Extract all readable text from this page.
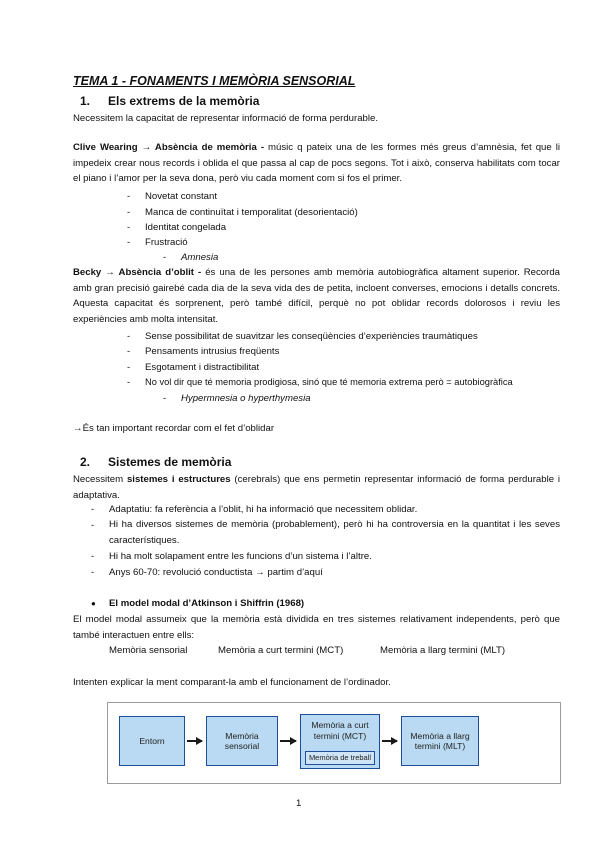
TEMA 1 - FONAMENTS I MEMÒRIA SENSORIAL
1. Els extrems de la memòria
Necessitem la capacitat de representar informació de forma perdurable.
Clive Wearing → Absència de memòria - músic q pateix una de les formes més greus d’amnèsia, fet que li impedeix crear nous records i oblida el que passa al cap de pocs segons. Tot i això, conserva habilitats com tocar el piano i l’amor per la seva dona, però viu cada moment com si fos el primer.
- Novetat constant
- Manca de continuïtat i temporalitat (desorientació)
- Identitat congelada
- Frustració
- Amnesia
Becky → Absència d’oblit - és una de les persones amb memòria autobiogràfica altament superior. Recorda amb gran precisió gairebé cada dia de la seva vida des de petita, incloent converses, emocions i detalls concrets. Aquesta capacitat és sorprenent, però també difícil, perquè no pot oblidar records dolorosos i reviu les experiències amb molta intensitat.
- Sense possibilitat de suavitzar les conseqüències d’experiències traumàtiques
- Pensaments intrusius freqüents
- Esgotament i distractibilitat
- No vol dir que té memoria prodigiosa, sinó que té memoria extrema però = autobiogràfica
- Hypermnesia o hyperthymesia
→És tan important recordar com el fet d’oblidar
2. Sistemes de memòria
Necessitem sistemes i estructures (cerebrals) que ens permetin representar informació de forma perdurable i adaptativa.
- Adaptatiu: fa referència a l’oblit, hi ha informació que necessitem oblidar.
- Hi ha diversos sistemes de memòria (probablement), però hi ha controversia en la quantitat i les seves característiques.
- Hi ha molt solapament entre les funcions d’un sistema i l’altre.
- Anys 60-70: revolució conductista → partim d’aquí
● El model modal d’Atkinson i Shiffrin (1968)
El model modal assumeix que la memòria està dividida en tres sistemes relativament independents, però que també interactuen entre ells:
Memòria sensorial	Memòria a curt termini (MCT)	Memòria a llarg termini (MLT)
Intenten explicar la ment comparant-la amb el funcionament de l’ordinador.
Entorn
Memòria sensorial
Memòria a curt termini (MCT)
Memòria de treball
Memòria a llarg termini (MLT)
1
